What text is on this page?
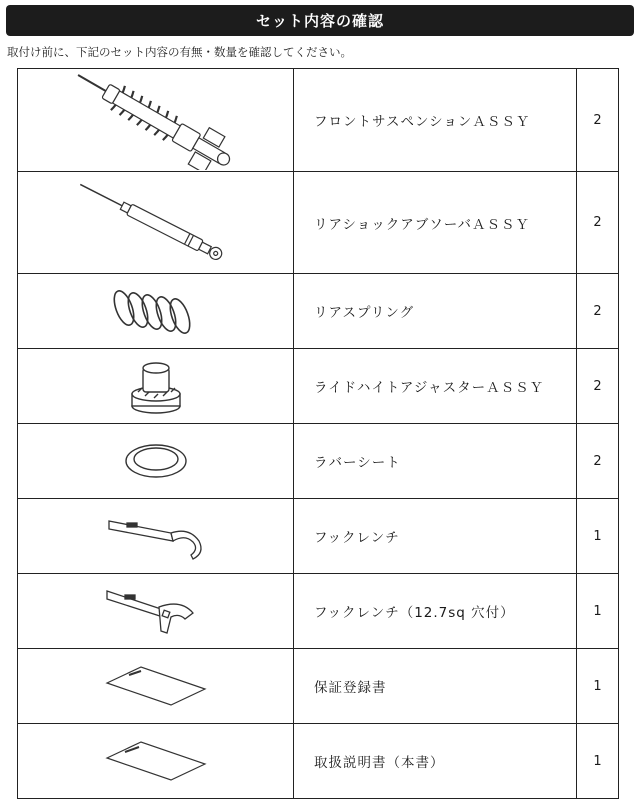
セット内容の確認
取付け前に、下記のセット内容の有無・数量を確認してください。
	フロントサスペンションＡＳＳＹ	2

	リアショックアブソーバＡＳＳＹ	2

	リアスプリング	2

	ライドハイトアジャスターＡＳＳＹ	2

	ラバーシート	2

	フックレンチ	1

	フックレンチ（12.7sq 穴付）	1

	保証登録書	1

	取扱説明書（本書）	1
